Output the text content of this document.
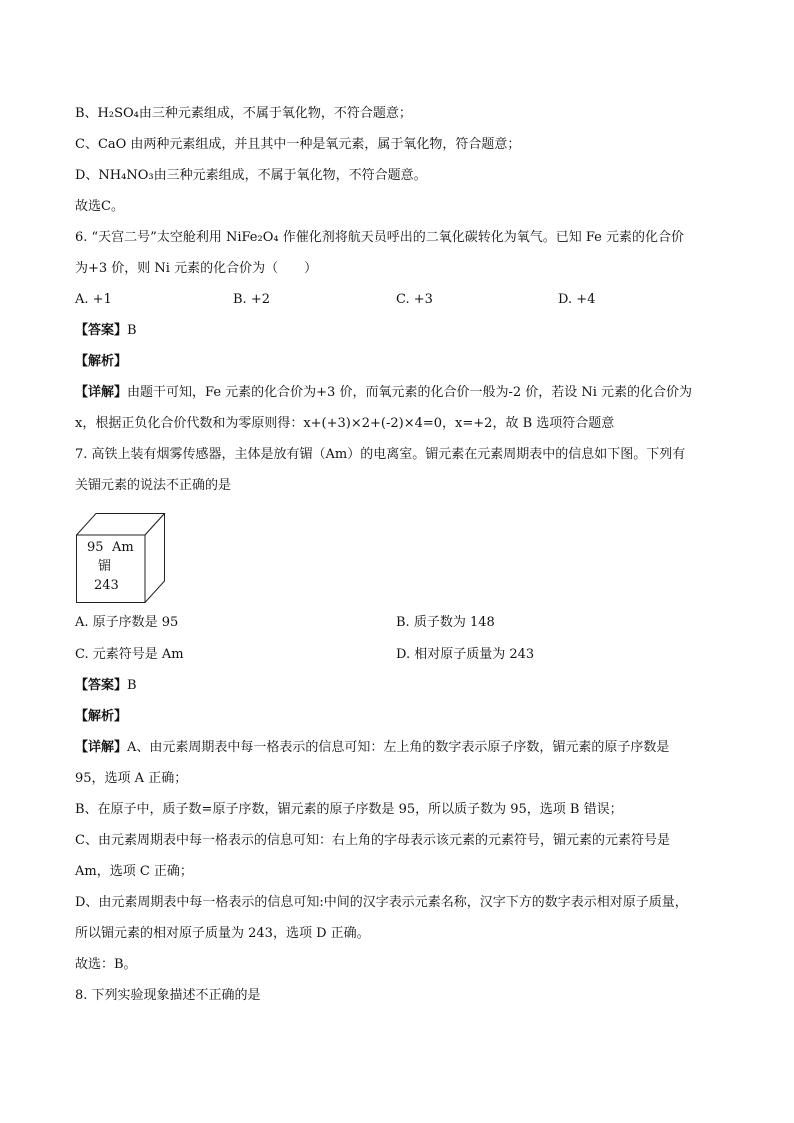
B、H₂SO₄由三种元素组成，不属于氧化物，不符合题意；
C、CaO 由两种元素组成，并且其中一种是氧元素，属于氧化物，符合题意；
D、NH₄NO₃由三种元素组成，不属于氧化物，不符合题意。
故选C。
6. “天宫二号”太空舱利用 NiFe₂O₄ 作催化剂将航天员呼出的二氧化碳转化为氧气。已知 Fe 元素的化合价
为+3 价，则 Ni 元素的化合价为（　　）
A. +1	B. +2	C. +3	D. +4
【答案】B
【解析】
【详解】由题干可知，Fe 元素的化合价为+3 价，而氧元素的化合价一般为-2 价，若设 Ni 元素的化合价为
x，根据正负化合价代数和为零原则得：x+(+3)×2+(-2)×4=0，x=+2，故 B 选项符合题意
7. 高铁上装有烟雾传感器，主体是放有镅（Am）的电离室。镅元素在元素周期表中的信息如下图。下列有
关镅元素的说法不正确的是
95 Am
镅
243
A. 原子序数是 95	B. 质子数为 148
C. 元素符号是 Am	D. 相对原子质量为 243
【答案】B
【解析】
【详解】A、由元素周期表中每一格表示的信息可知：左上角的数字表示原子序数，镅元素的原子序数是
95，选项 A 正确；
B、在原子中，质子数=原子序数，镅元素的原子序数是 95，所以质子数为 95，选项 B 错误；
C、由元素周期表中每一格表示的信息可知：右上角的字母表示该元素的元素符号，镅元素的元素符号是
Am，选项 C 正确；
D、由元素周期表中每一格表示的信息可知:中间的汉字表示元素名称，汉字下方的数字表示相对原子质量，
所以镅元素的相对原子质量为 243，选项 D 正确。
故选：B。
8. 下列实验现象描述不正确的是
